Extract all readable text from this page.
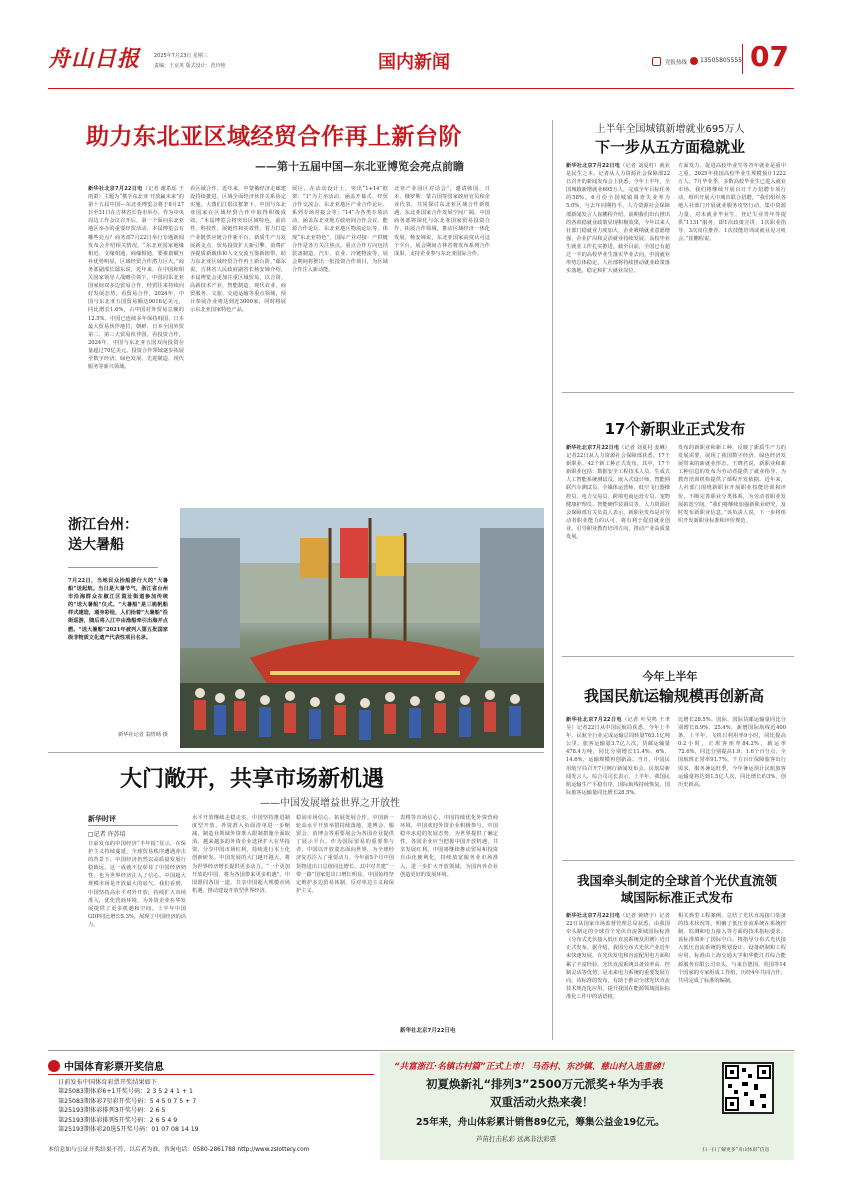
舟山日报	2025年7月23日 星期三
责编：王京英 版式设计：范玲艳	国内新闻	党报热线 13505805555 07
助力东北亚区域经贸合作再上新台阶
——第十五届中国—东北亚博览会亮点前瞻
新华社北京7月22日电（记者 谢希瑶 王雨萧）主题为“携手东北亚 开放赢未来”的第十五届中国—东北亚博览会将于8月27日至31日在吉林省长春市举办。作为中央周边工作会议召开后，第一个面向东北亚地区举办的重要经贸活动，本届博览会有哪些亮点？商务部7月22日举行专题新闻发布会介绍相关情况。“东北亚国家地缘相近、文缘相通，商缘相通，要素禀赋互补优势明显，区域经贸合作潜力巨大。”商务部副部长鄢东说，近年来，在中国和相关国家领导人战略引领下，中国同东北亚国家间双多边贸易合作，经贸往来持续向好发展态势。看贸易合作，2024年，中国与东北亚五国贸易额达9016亿美元，同比增长1.6%，占中国对外贸易总额的12.5%。中国已连续多年保持韩国、日本最大贸易伙伴地位，朝鲜、日本全国外贸第二、第三大贸易伙伴国。看投资合作，2024年，中国与东北亚五国双向投资存量超过70亿美元。投资合作领域逐步拓展至数字经济、绿色发展、先进制造、现代服务等新兴领域。
看区域合作，近年来，中蒙俄经济走廊建设持续推进，区域全面经济伙伴关系协定实施，大图们江倡议框架下，中国与东北亚国家在区域经贸合作中取得积极成效。“本届博览会将突出区域特色，前沿性、科技性、展链性和实效性，着力打造产业链供应链合作新平台、新质生产力发展新支点、贸易投资扩大新引擎、消费扩容提质新载体和人文交流互鉴新纽带，助力东北亚区域经贸合作再上新台阶。”鄢东说。吉林省人民政府副省长杨安娣介绍，本届博览会更加注重区域贸易，以合资、高新技术产业、智能制造、现代农业、商贸服务、文旅、交通运输等重点领域，预计参展企业将达到近3000家，同时将展示东北亚国家特色产品。
展区。在活动设计上，突出“1+14”框架：“1”为主举活动，涵盖开幕式、经贸合作交流会、东北亚地区产业合作论坛、系列专场对接会等；“14”为各类专项活动，涵盖东北亚地方政府间合作会议、能源合作论坛、东北亚地区物流论坛等，体现“东北亚特色”。国际产业对接：产供链合作是各方关注焦点。重点合作方向包括装备制造、汽车、农业、冷链物流等。展会期间将推出一批投资合作项目，为区域合作注入新动能。
北亚产业园区对话会”，邀请韩国、日本、俄罗斯、蒙古国等国家政府官员和企业代表，共同探讨东北亚区域合作新机遇。东北亚国家合作发展空间广阔。中国商务部将深化与东北亚国家贸易投资合作，拓展合作领域，推动区域经济一体化发展。杨安娣说，东北亚国家高度认可这个平台。展会期间吉林省将发布系列合作成果，支持企业参与东北亚国际合作。
上半年全国城镇新增就业695万人
下一步从五方面稳就业
新华社北京7月22日电（记者 刘夏村）就业是民生之本。记者从人力资源社会保障部22日召开的新闻发布会上获悉，今年上半年，全国城镇新增就业695万人，完成全年目标任务的58%。6月份全国城镇调查失业率为5.0%，与去年同期持平。人力资源社会保障部新闻发言人崔鹏程介绍，前期我们出台推出的各项稳就业政策显现积极效果，今年以来人社部门稳就业力度加大，企业吸纳就业意愿增强，企业扩岗和灵活就业持续发展。高校毕业生就业工作扎实推进。截至目前，全国已有超过一半的高校毕业生落实毕业去向。中国就业形势总体稳定。人社部将持续推动就业政策落实落地，稳定和扩大就业岗位。
方面发力。促进高校毕业生等青年就业是重中之重。2025年我国高校毕业生规模预计1222万人，7月毕业季，多数高校毕业生已进入就业市场。我们将继续开展百日千万招聘专项行动，组织开展大中城市联合招聘。“我们组织各地人社部门开展就业服务攻坚行动，集中资源力量，对未就业毕业生、登记失业青年等提供“1131”服务，即1次政策宣讲、1次职业指导、3次岗位推荐、1次技能培训或就业见习机会。”崔鹏程说。
17个新职业正式发布
新华社北京7月22日电（记者 刘夏村 姜琳）记者22日从人力资源社会保障部获悉，17个新职业、42个新工种正式发布。其中，17个新职业包括：数据安全工程技术人员、生成式人工智能系统测试员、嵌入式设计师、智能网联汽车测试员、全媒体运营师、低空飞行器操控员、电力交易员、跨境电商运营专员、宠物健康护理员、智能硬件装调员等。人力资源社会保障部有关负责人表示，新职业发布是对劳动者职业能力的认可，将有利于促进就业创业，引导职业教育培训方向，推动产业高质量发展。
发布的新职业和新工种，反映了新质生产力的发展需要，展现了我国数字经济、绿色经济发展带来的新就业形态。王晓君说，新职业和新工种信息的发布为劳动者提供了就业指导，为教育培训机构提供了课程开发依据。近年来，人社部门围绕新职业开展职业技能培训和评价，不断完善职业分类体系，为劳动者职业发展拓宽空间。“我们将继续加强新职业研究，及时发布新职业信息。”该负责人说，下一步将组织开发新职业标准和评价规范。
浙江台州：
送大暑船
7月22日，当地民众抬船游行大的“大暑船”送起航。当日是大暑节气，浙江省台州市沿海群众在椒江区葭沚街道参加传统的“送大暑船”仪式。“大暑船”是三桅帆船样式建造，通身彩绘，人们抬着“大暑船”沿街巡游，随后将入江中由渔船牵引出海并点燃。“送大暑船”2021年被列入第五批国家级非物质文化遗产代表性项目名录。
新华社记者 翁忻旸 摄
大门敞开，共享市场新机遇
——中国发展增益世界之开放性
新华时评
□记者 许苏培
日前发布的中国经济“半年报”显示，在保护主义持续蔓延、全球贸易秩序遭遇冲击的背景下，中国经济仍然以高质量发展行稳致远。这一成就不仅彰显了中国经济韧性，也为世界经济注入了信心。中国超大规模市场是开放最大的底气。我们看到，中国坚持高水平对外开放，持续扩大市场准入，优化营商环境，为外资企业在华发展提供了更多机遇和空间。上半年中国GDP同比增长5.3%，展现了中国经济的活力。
水平开放继续走稳走实。中国坚持推进制度型开放，外资准入负面清单进一步缩减，制造业领域外资准入限制措施全面取消。越来越多的外资企业选择扩大在华投资，分享中国市场红利，持续进行本土化创新研发。中国发展的大门越开越大，将为世界经济增长提供更多动力。“一个更加开放的中国，将为各国带来更多机遇”。中国愿同各国一道，共享中国超大规模市场机遇，推动建设开放型世界经济。
稳固市场信心、拓展发展合作。中国新一轮高水平开放举措持续落地，进博会、服贸会、消博会等重要展会为各国企业提供了展示平台。作为国际贸易的重要参与者，中国以开放姿态面向世界，为全球经济复苏注入了重要动力。今年前5个月中国货物进出口总值同比增长，其中对共建“一带一路”国家进出口增长明显。中国始终坚定维护多边贸易体制，反对单边主义和保护主义。
表格等市场信心，中国持续优化外资营商环境，中国欢迎外资企业积极参与。中国稳中求进的发展态势，为世界提供了确定性。各国企业应当把握中国开放机遇，共享发展红利。中国将继续推动贸易和投资自由化便利化，持续放宽服务业市场准入，进一步扩大开放领域，为国内外企业创造更好的发展环境。
新华社北京7月22日电
今年上半年
我国民航运输规模再创新高
新华社北京7月22日电（记者 叶昊鸣 王聿昊）记者22日从中国民航局获悉，今年上半年，民航全行业完成运输总周转量763.1亿吨公里，旅客运输量3.7亿人次，货邮运输量478.4万吨，同比分别增长11.4%、6%、14.6%，运输规模再创新高。当日，中国民用航空局召开7月例行新闻发布会。民航局新闻发言人、综合司司长表示，上半年，我国民航运输生产平稳有序，国际航线持续恢复，国际旅客运输量同比增长28.5%。
比增长28.5%。国际、国际货邮运输量同比分别增长8.9%、25.4%，新增国际航线近400条。上半年，飞机日利用率9小时，同比提高0.2小时，正班客座率84.2%，载运率72.6%，同比分别提高1.9、1.6个百分点，全国航班正常率91.7%。千方百计保障旅客出行需求，服务暑运旺季，今年暑运预计民航旅客运输量将达到1.5亿人次，同比增长约3%，创历史新高。
我国牵头制定的全球首个光伏直流领域国际标准正式发布
新华社北京7月22日电（记者 黄晓宇）记者22日从国家市场监督管理总局获悉，由我国牵头制定的全球首个光伏直流领域国际标准《分布式光伏接入低压直流系统及用例》近日正式发布。据介绍，我国分布式光伏产业近年来快速发展，在光伏发电和直流配用电方面积累了丰富经验。光伏直流系统具备效率高、控制灵活等优势，是未来电力系统的重要发展方向。该标准的发布，有助于推动全球光伏直流技术规范化应用，提升我国在能源领域国际标准化工作中的话语权。
相关典型工程案例，总结了光伏直流接口装备的技术状况等，明确了低压直流系统在系统控制、监测和电力接入等方面的技术指标要求。该标准填补了国际空白，将指导分布式光伏接入低压直流系统的规划设计、设备研制和工程应用。标准由上海交通大学和华能江苏综合能源服务有限公司牵头，与来自德国、英国等14个国家的专家组成工作组，历经4年共同合作，共同完成了标准的编制。
中国体育彩票开奖信息
日前发布中国体育彩票开奖结果如下
第25083期体彩6+1开奖号码：2 3 5 2 4 1 + 1
第25083期体彩7星彩开奖号码：5 4 5 0 7 5 + 7
第25193期体彩排列3开奖号码：2 6 5
第25193期体彩排列5开奖号码：2 6 5 4 9
第25193期体彩20选5开奖号码：01 07 08 14 19
本信息如与公证开奖结果不符，以后者为准。咨询电话：0580-2861788 http://www.zslottery.com
“共富浙江·名镇古村篇”正式上市！ 马岙村、东沙镇、慈山村入选重磅！
初夏焕新礼“排列3”2500万元派奖+华为手表
双重活动火热来袭！
25年来，舟山体彩累计销售89亿元，筹集公益金19亿元。
芦苗打击私彩 远离非法彩票
扫一扫了解更多“舟山体彩”信息
